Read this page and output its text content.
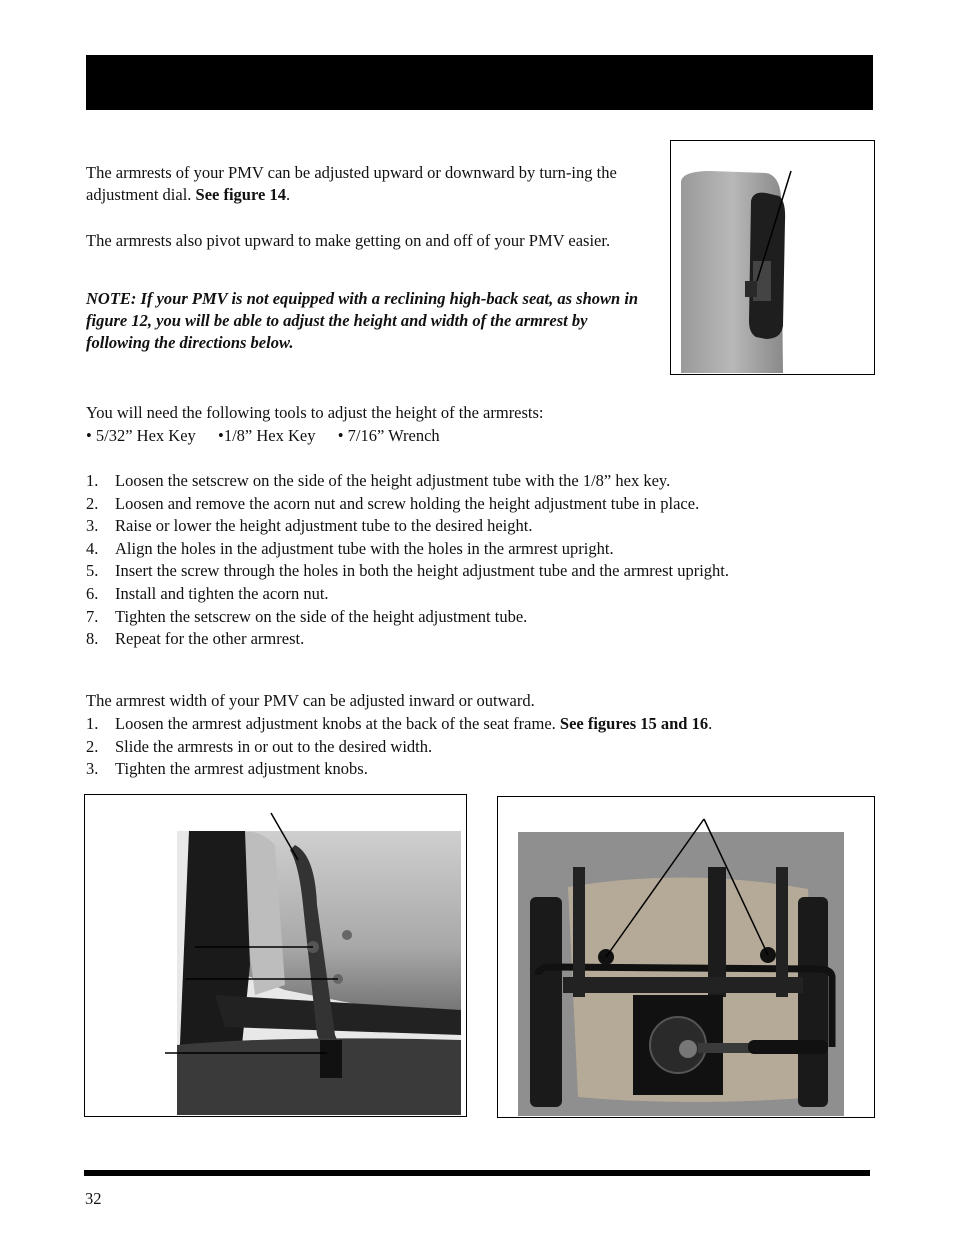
The armrests of your PMV can be adjusted upward or downward by turn-ing the adjustment dial. See figure 14.

The armrests also pivot upward to make getting on and off of your PMV easier.

NOTE: If your PMV is not equipped with a reclining high-back seat, as shown in figure 12, you will be able to adjust the height and width of the armrest by following the directions below.

You will need the following tools to adjust the height of the armrests:

• 5/32” Hex Key •1/8” Hex Key • 7/16” Wrench

1.	Loosen the setscrew on the side of the height adjustment tube with the 1/8” hex key.
2.	Loosen and remove the acorn nut and screw holding the height adjustment tube in place.
3.	Raise or lower the height adjustment tube to the desired height.
4.	Align the holes in the adjustment tube with the holes in the armrest upright.
5.	Insert the screw through the holes in both the height adjustment tube and the armrest upright.
6.	Install and tighten the acorn nut.
7.	Tighten the setscrew on the side of the height adjustment tube.
8.	Repeat for the other armrest.

The armrest width of your PMV can be adjusted inward or outward.

1.	Loosen the armrest adjustment knobs at the back of the seat frame. See figures 15 and 16.
2.	Slide the armrests in or out to the desired width.
3.	Tighten the armrest adjustment knobs.
32
